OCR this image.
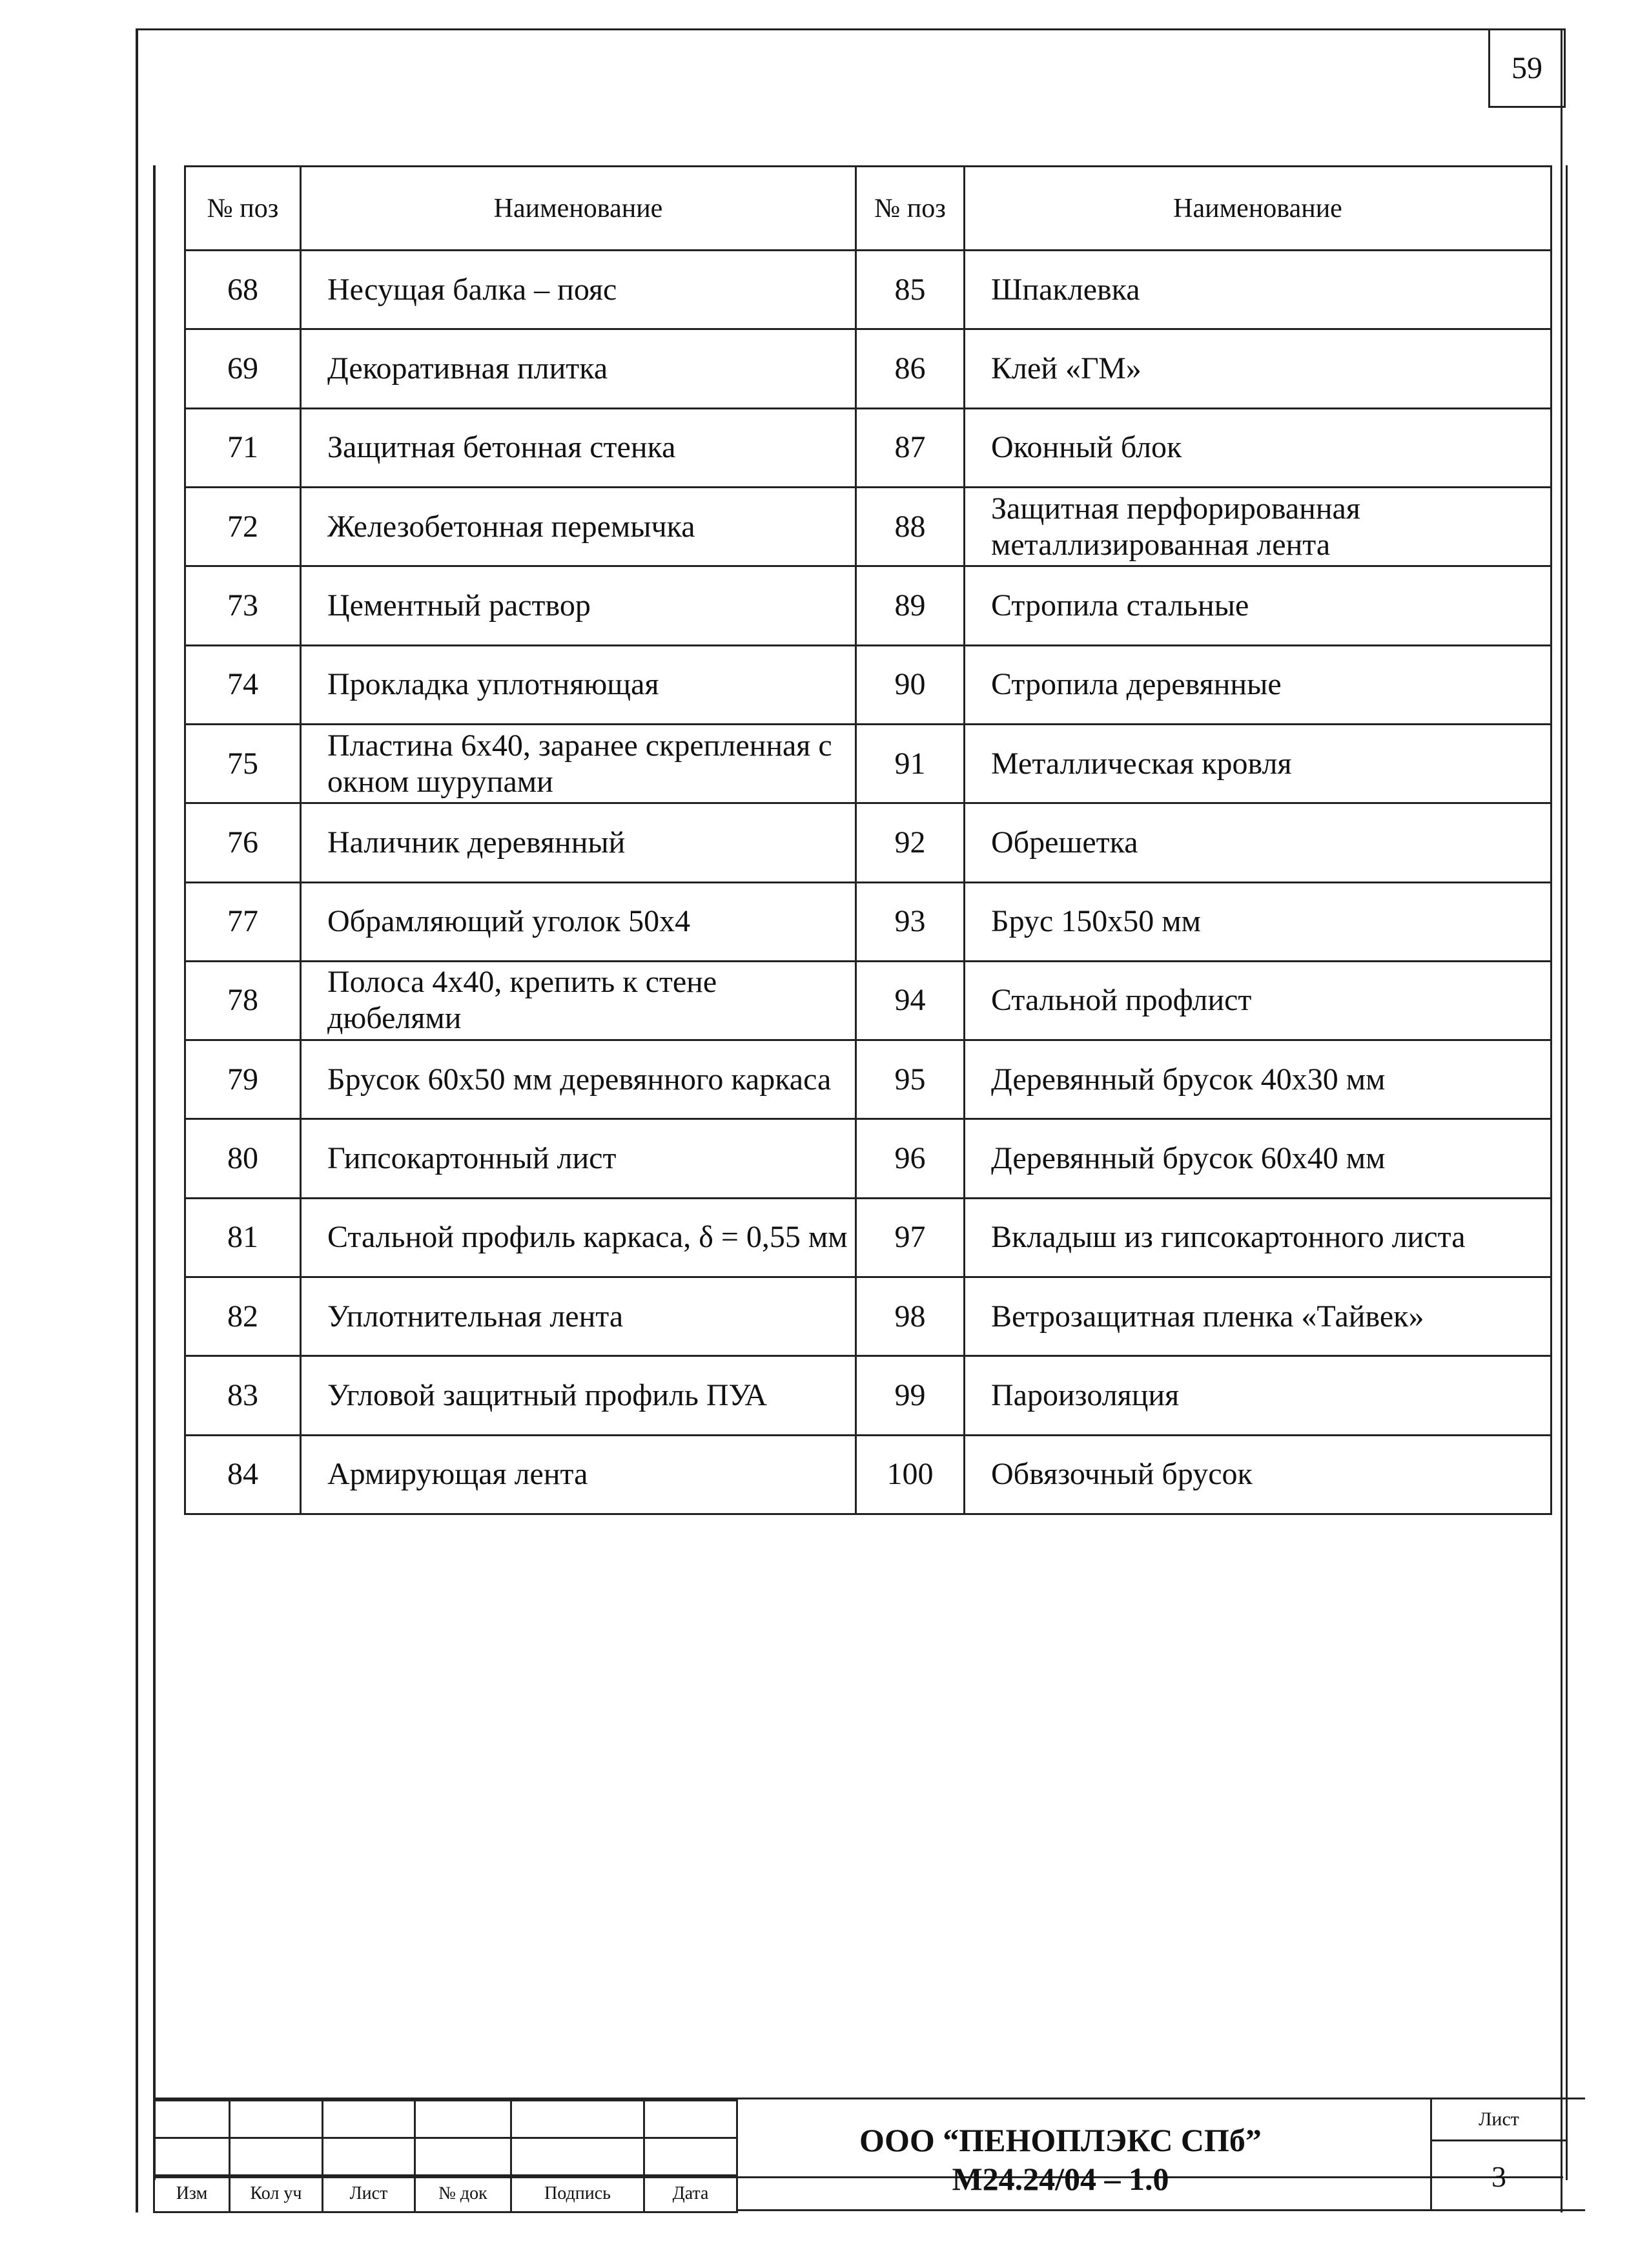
59
№ поз	Наименование	№ поз	Наименование
68	Несущая балка – пояс	85	Шпаклевка
69	Декоративная плитка	86	Клей «ГМ»
71	Защитная бетонная стенка	87	Оконный блок
72	Железобетонная перемычка	88	Защитная перфорированная металлизированная лента
73	Цементный раствор	89	Стропила стальные
74	Прокладка уплотняющая	90	Стропила деревянные
75	Пластина 6х40, заранее скрепленная с окном шурупами	91	Металлическая кровля
76	Наличник деревянный	92	Обрешетка
77	Обрамляющий уголок 50х4	93	Брус 150х50 мм
78	Полоса 4х40, крепить к стене дюбелями	94	Стальной профлист
79	Брусок 60х50 мм деревянного каркаса	95	Деревянный брусок 40х30 мм
80	Гипсокартонный лист	96	Деревянный брусок 60х40 мм
81	Стальной профиль каркаса, δ = 0,55 мм	97	Вкладыш из гипсокартонного листа
82	Уплотнительная лента	98	Ветрозащитная пленка «Тайвек»
83	Угловой защитный профиль ПУА	99	Пароизоляция
84	Армирующая лента	100	Обвязочный брусок

Изм	Кол уч	Лист	№ док	Подпись	Дата
ООО “ПЕНОПЛЭКС СПб”
М24.24/04 – 1.0
Лист
3
